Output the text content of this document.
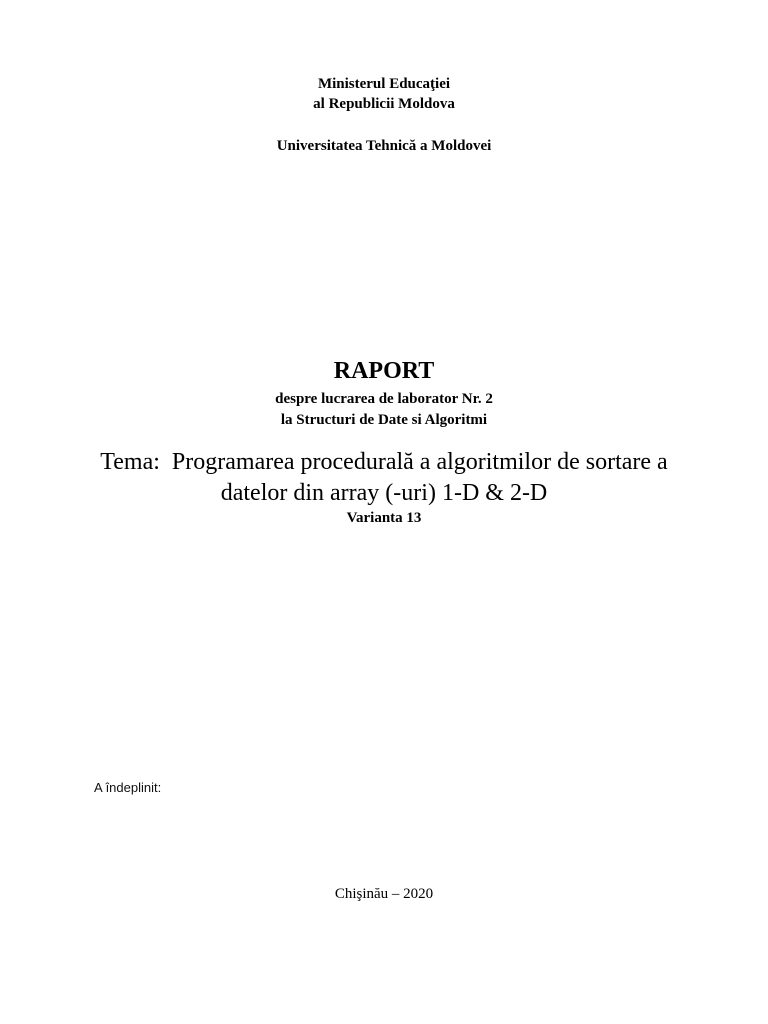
Ministerul Educaţiei
al Republicii Moldova
Universitatea Tehnică a Moldovei
RAPORT
despre lucrarea de laborator Nr. 2
la Structuri de Date si Algoritmi
Tema:  Programarea procedurală a algoritmilor de sortare a
datelor din array (-uri) 1-D & 2-D
Varianta 13
A îndeplinit:
Chişinău – 2020
